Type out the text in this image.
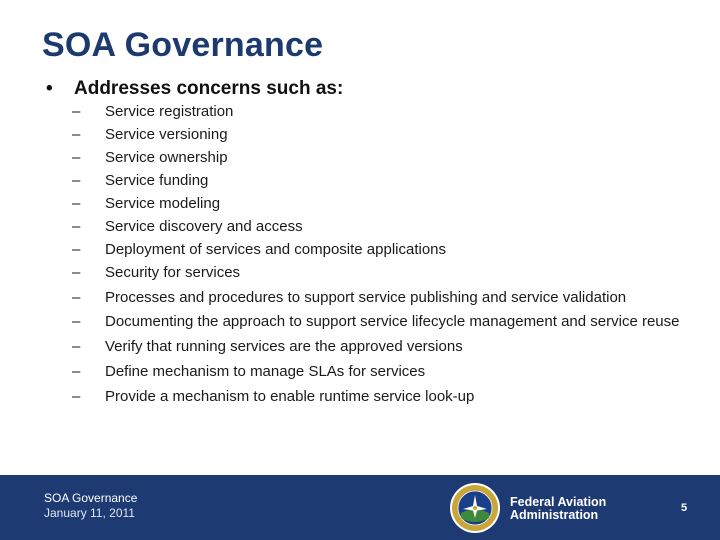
SOA Governance
• Addresses concerns such as:
– Service registration
– Service versioning
– Service ownership
– Service funding
– Service modeling
– Service discovery and access
– Deployment of services and composite applications
– Security for services
– Processes and procedures to support service publishing and service validation
– Documenting the approach to support service lifecycle management and service reuse
– Verify that running services are the approved versions
– Define mechanism to manage SLAs for services
– Provide a mechanism to enable runtime service look-up
SOA Governance
January 11, 2011
Federal Aviation
Administration	5
